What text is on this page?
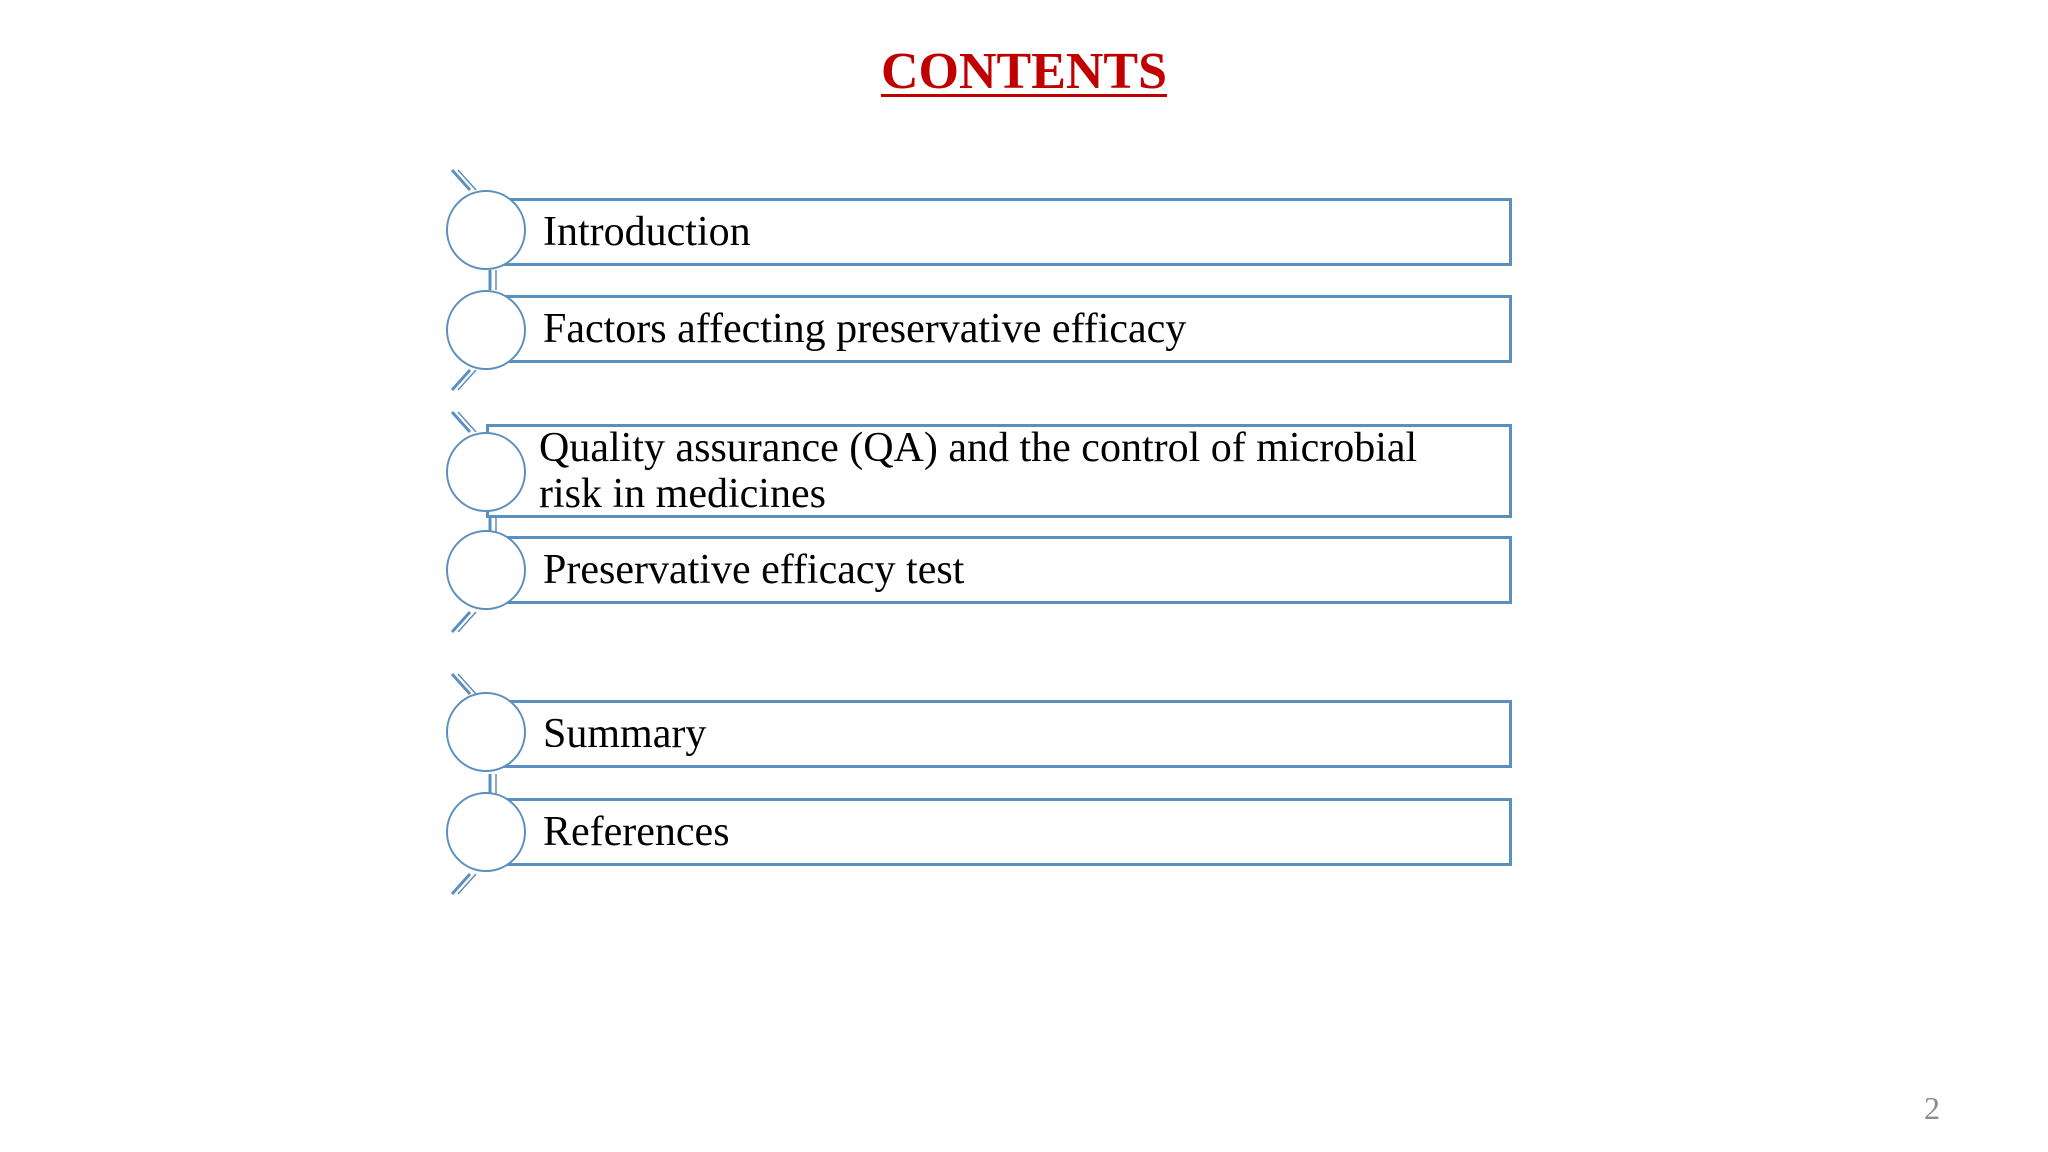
CONTENTS
Introduction
Factors affecting preservative efficacy
Quality assurance (QA) and the control of microbial risk in medicines
Preservative efficacy test
Summary
References
2
